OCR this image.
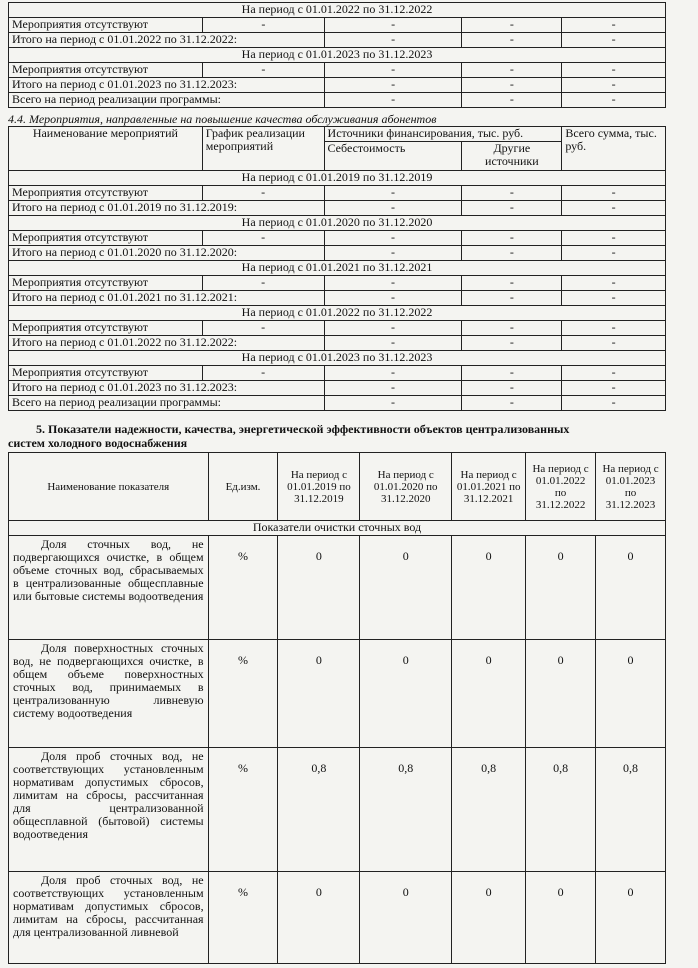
На период с 01.01.2022 по 31.12.2022				
Мероприятия отсутствуют	-	-	-	-
Итого на период с 01.01.2022 по 31.12.2022:		-	-	-
На период с 01.01.2023 по 31.12.2023				
Мероприятия отсутствуют	-	-	-	-
Итого на период с 01.01.2023 по 31.12.2023:		-	-	-
Всего на период реализации программы:		-	-	-
4.4. Мероприятия, направленные на повышение качества обслуживания абонентов
Наименование мероприятий	График реализации мероприятий	Источники финансирования, тыс. руб.		Всего сумма, тыс. руб.
		Себестоимость	Другие источники	
На период с 01.01.2019 по 31.12.2019				
Мероприятия отсутствуют	-	-	-	-
Итого на период с 01.01.2019 по 31.12.2019:		-	-	-
На период с 01.01.2020 по 31.12.2020				
Мероприятия отсутствуют	-	-	-	-
Итого на период с 01.01.2020 по 31.12.2020:		-	-	-
На период с 01.01.2021 по 31.12.2021				
Мероприятия отсутствуют	-	-	-	-
Итого на период с 01.01.2021 по 31.12.2021:		-	-	-
На период с 01.01.2022 по 31.12.2022				
Мероприятия отсутствуют	-	-	-	-
Итого на период с 01.01.2022 по 31.12.2022:		-	-	-
На период с 01.01.2023 по 31.12.2023				
Мероприятия отсутствуют	-	-	-	-
Итого на период с 01.01.2023 по 31.12.2023:		-	-	-
Всего на период реализации программы:		-	-	-
5. Показатели надежности, качества, энергетической эффективности объектов централизованных
систем холодного водоснабжения
Наименование показателя	Ед.изм.	На период с 01.01.2019 по 31.12.2019	На период с 01.01.2020 по 31.12.2020	На период с 01.01.2021 по 31.12.2021	На период с 01.01.2022 по 31.12.2022	На период с 01.01.2023 по 31.12.2023
Показатели очистки сточных вод						

Доля сточных вод, не подвергающихся очистке, в общем объеме сточных вод, сбрасываемых в централизованные общесплавные или бытовые системы водоотведения	%	0	0	0	0	0

Доля поверхностных сточных вод, не подвергающихся очистке, в общем объеме поверхностных сточных вод, принимаемых в централизованную ливневую систему водоотведения	%	0	0	0	0	0

Доля проб сточных вод, не соответствующих установленным нормативам допустимых сбросов, лимитам на сбросы, рассчитанная для централизованной общесплавной (бытовой) системы водоотведения	%	0,8	0,8	0,8	0,8	0,8

Доля проб сточных вод, не соответствующих установленным нормативам допустимых сбросов, лимитам на сбросы, рассчитанная для централизованной ливневой	%	0	0	0	0	0
